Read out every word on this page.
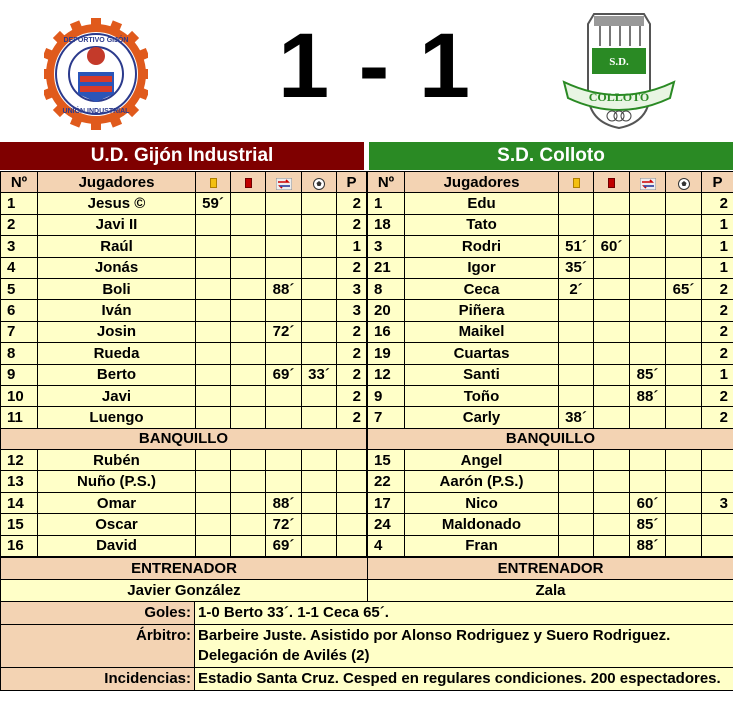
DEPORTIVO GIJÓN
UNIÓN INDUSTRIAL 1 - 1	S.D.
COLLOTO
U.D. Gijón Industrial	S.D. Colloto
Nº	Jugadores					P
1	Jesus ©	59´				2
2	Javi II					2
3	Raúl					1
4	Jonás					2
5	Boli			88´		3
6	Iván					3
7	Josin			72´		2
8	Rueda					2
9	Berto			69´	33´	2
10	Javi					2
11	Luengo					2
BANQUILLO						
12	Rubén					
13	Nuño (P.S.)					
14	Omar			88´		
15	Oscar			72´		
16	David			69´		
Nº	Jugadores					P
1	Edu					2
18	Tato					1
3	Rodri	51´	60´			1
21	Igor	35´				1
8	Ceca	2´			65´	2
20	Piñera					2
16	Maikel					2
19	Cuartas					2
12	Santi			85´		1
9	Toño			88´		2
7	Carly	38´				2
BANQUILLO						
15	Angel					
22	Aarón (P.S.)					
17	Nico			60´		3
24	Maldonado			85´		
4	Fran			88´		
ENTRENADOR	ENTRENADOR
Javier González	Zala
Goles:	1-0 Berto 33´. 1-1 Ceca 65´.
Árbitro:	Barbeire Juste. Asistido por Alonso Rodriguez y Suero Rodriguez.
Delegación de Avilés (2)

Incidencias:	Estadio Santa Cruz. Cesped en regulares condiciones. 200 espectadores.
